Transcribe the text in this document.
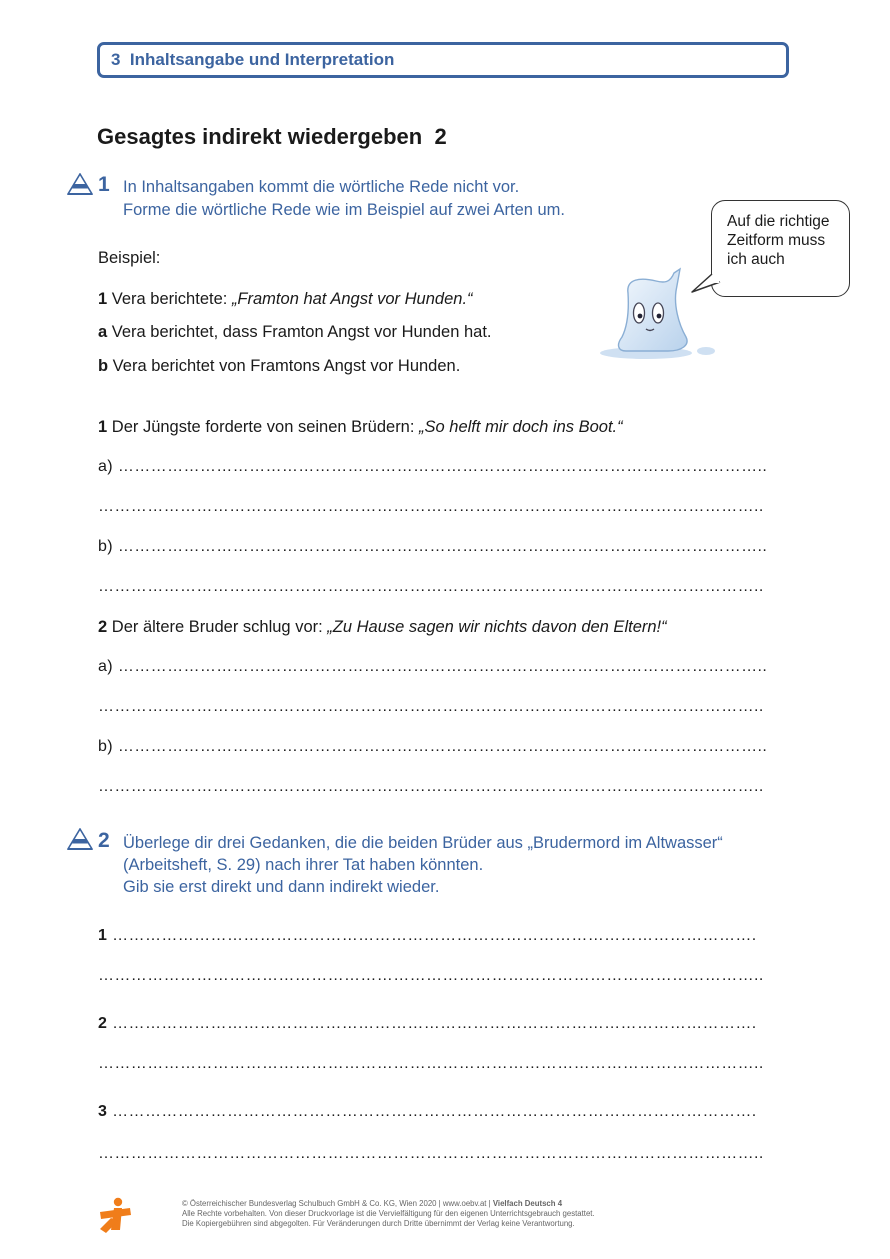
3  Inhaltsangabe und Interpretation
Gesagtes indirekt wiedergeben  2
1 In Inhaltsangaben kommt die wörtliche Rede nicht vor.
Forme die wörtliche Rede wie im Beispiel auf zwei Arten um.
Beispiel:
1 Vera berichtete: „Framton hat Angst vor Hunden.“
a Vera berichtet, dass Framton Angst vor Hunden hat.
b Vera berichtet von Framtons Angst vor Hunden.
Auf die richtige Zeitform muss ich auch
1 Der Jüngste forderte von seinen Brüdern: „So helft mir doch ins Boot.“
a) ………………………………………………………………………………………………………..
…………………………………………………………………………………………………………..
b) ………………………………………………………………………………………………………..
…………………………………………………………………………………………………………..
2 Der ältere Bruder schlug vor: „Zu Hause sagen wir nichts davon den Eltern!“
a) ………………………………………………………………………………………………………..
…………………………………………………………………………………………………………..
b) ………………………………………………………………………………………………………..
…………………………………………………………………………………………………………..
2 Überlege dir drei Gedanken, die die beiden Brüder aus „Brudermord im Altwasser“
(Arbeitsheft, S. 29) nach ihrer Tat haben könnten.
Gib sie erst direkt und dann indirekt wieder.
1 ……………………………………………………………………………………………………….
…………………………………………………………………………………………………………..
2 ……………………………………………………………………………………………………….
…………………………………………………………………………………………………………..
3 ……………………………………………………………………………………………………….
…………………………………………………………………………………………………………..
© Österreichischer Bundesverlag Schulbuch GmbH & Co. KG, Wien 2020 | www.oebv.at | Vielfach Deutsch 4
Alle Rechte vorbehalten. Von dieser Druckvorlage ist die Vervielfältigung für den eigenen Unterrichtsgebrauch gestattet.
Die Kopiergebühren sind abgegolten. Für Veränderungen durch Dritte übernimmt der Verlag keine Verantwortung.
